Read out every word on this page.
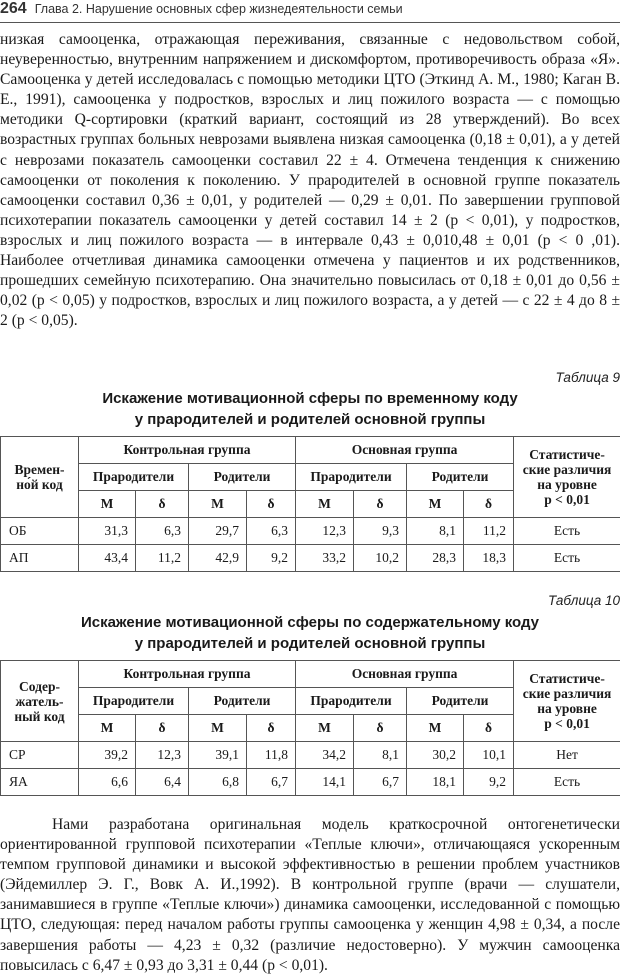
264 Глава 2. Нарушение основных сфер жизнедеятельности семьи

низкая самооценка, отражающая переживания, связанные с недовольством собой, неуверенностью, внутренним напряжением и дискомфортом, противоречивость образа «Я». Самооценка у детей исследовалась с помощью методики ЦТО (Эткинд А. М., 1980; Каган В. Е., 1991), самооценка у подростков, взрослых и лиц пожилого возраста — с помощью методики Q-сортировки (краткий вариант, состоящий из 28 утверждений). Во всех возрастных группах больных неврозами выявлена низкая самооценка (0,18 ± 0,01), а у детей с неврозами показатель самооценки составил 22 ± 4. Отмечена тенденция к снижению самооценки от поколения к поколению. У прародителей в основной группе показатель самооценки составил 0,36 ± 0,01, у родителей — 0,29 ± 0,01. По завершении групповой психотерапии показатель самооценки у детей составил 14 ± 2 (р < 0,01), у подростков, взрослых и лиц пожилого возраста — в интервале 0,43 ± 0,010,48 ± 0,01 (р < 0 ,01). Наиболее отчетливая динамика самооценки отмечена у пациентов и их родственников, прошедших семейную психотерапию. Она значительно повысилась от 0,18 ± 0,01 до 0,56 ± 0,02 (р < 0,05) у подростков, взрослых и лиц пожилого возраста, а у детей — с 22 ± 4 до 8 ± 2 (р < 0,05).

Таблица 9

Искажение мотивационной сферы по временному коду

у прародителей и родителей основной группы

Времен-
но́й код	Контрольная группа				Основная группа				Статистиче-
ские различия
на уровне
р < 0,01
	Прародители		Родители		Прародители		Родители		
	М	δ	М	δ	М	δ	М	δ	
ОБ	31,3	6,3	29,7	6,3	12,3	9,3	8,1	11,2	Есть
АП	43,4	11,2	42,9	9,2	33,2	10,2	28,3	18,3	Есть
Таблица 10

Искажение мотивационной сферы по содержательному коду

у прародителей и родителей основной группы

Содер-
жатель-
ный код	Контрольная группа				Основная группа				Статистиче-
ские различия
на уровне
р < 0,01
	Прародители		Родители		Прародители		Родители		
	М	δ	М	δ	М	δ	М	δ	
СР	39,2	12,3	39,1	11,8	34,2	8,1	30,2	10,1	Нет
ЯА	6,6	6,4	6,8	6,7	14,1	6,7	18,1	9,2	Есть

Нами разработана оригинальная модель краткосрочной онтогенетически ориентированной групповой психотерапии «Теплые ключи», отличающаяся ускоренным темпом групповой динамики и высокой эффективностью в решении проблем участников (Эйдемиллер Э. Г., Вовк А. И.,1992). В контрольной группе (врачи — слушатели, занимавшиеся в группе «Теплые ключи») динамика самооценки, исследованной с помощью ЦТО, следующая: перед началом работы группы самооценка у женщин 4,98 ± 0,34, а после завершения работы — 4,23 ± 0,32 (различие недостоверно). У мужчин самооценка повысилась с 6,47 ± 0,93 до 3,31 ± 0,44 (р < 0,01).
